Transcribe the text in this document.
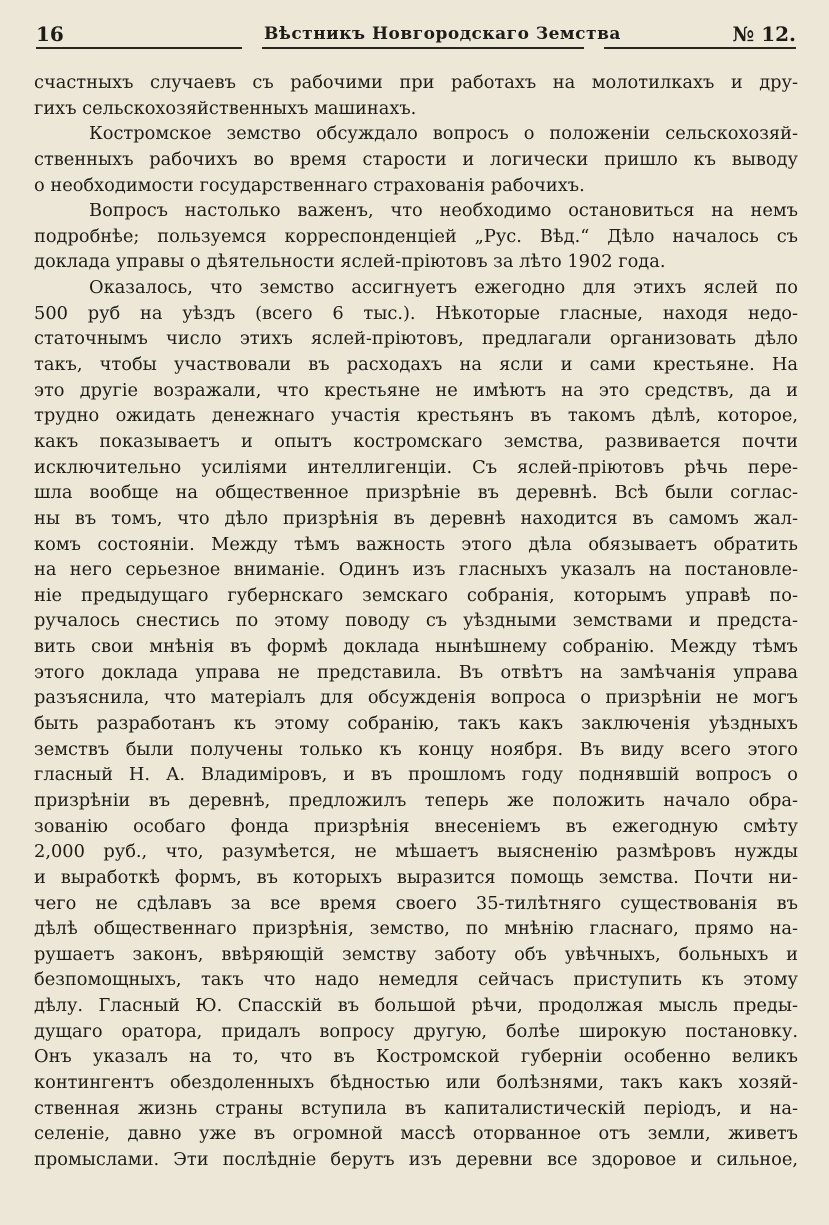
16	Вѣстникъ Новгородскаго Земства	№ 12.
счастныхъ случаевъ съ рабочими при работахъ на молотилкахъ и дру-
гихъ сельскохозяйственныхъ машинахъ.
Костромское земство обсуждало вопросъ о положенiи сельскохозяй-
ственныхъ рабочихъ во время старости и логически пришло къ выводу
о необходимости государственнаго страхованiя рабочихъ.
Вопросъ настолько важенъ, что необходимо остановиться на немъ
подробнѣе; пользуемся корреспонденцiей „Рус. Вѣд.“ Дѣло началось съ
доклада управы о дѣятельности яслей-прiютовъ за лѣто 1902 года.
Оказалось, что земство ассигнуетъ ежегодно для этихъ яслей по
500 руб на уѣздъ (всего 6 тыс.). Нѣкоторые гласные, находя недо-
статочнымъ число этихъ яслей-прiютовъ, предлагали организовать дѣло
такъ, чтобы участвовали въ расходахъ на ясли и сами крестьяне. На
это другiе возражали, что крестьяне не имѣютъ на это средствъ, да и
трудно ожидать денежнаго участiя крестьянъ въ такомъ дѣлѣ, которое,
какъ показываетъ и опытъ костромскаго земства, развивается почти
исключительно усилiями интеллигенцiи. Съ яслей-прiютовъ рѣчь пере-
шла вообще на общественное призрѣнiе въ деревнѣ. Всѣ были соглас-
ны въ томъ, что дѣло призрѣнiя въ деревнѣ находится въ самомъ жал-
комъ состоянiи. Между тѣмъ важность этого дѣла обязываетъ обратить
на него серьезное вниманiе. Одинъ изъ гласныхъ указалъ на постановле-
нiе предыдущаго губернскаго земскаго собранiя, которымъ управѣ по-
ручалось снестись по этому поводу съ уѣздными земствами и предста-
вить свои мнѣнiя въ формѣ доклада нынѣшнему собранiю. Между тѣмъ
этого доклада управа не представила. Въ отвѣтъ на замѣчанiя управа
разъяснила, что матерiалъ для обсужденiя вопроса о призрѣнiи не могъ
быть разработанъ къ этому собранiю, такъ какъ заключенiя уѣздныхъ
земствъ были получены только къ концу ноября. Въ виду всего этого
гласный Н. А. Владимiровъ, и въ прошломъ году поднявшiй вопросъ о
призрѣнiи въ деревнѣ, предложилъ теперь же положить начало обра-
зованiю особаго фонда призрѣнiя внесенiемъ въ ежегодную смѣту
2,000 руб., что, разумѣется, не мѣшаетъ выясненiю размѣровъ нужды
и выработкѣ формъ, въ которыхъ выразится помощь земства. Почти ни-
чего не сдѣлавъ за все время своего 35-тилѣтняго существованiя въ
дѣлѣ общественнаго призрѣнiя, земство, по мнѣнiю гласнаго, прямо на-
рушаетъ законъ, ввѣряющiй земству заботу объ увѣчныхъ, больныхъ и
безпомощныхъ, такъ что надо немедля сейчасъ приступить къ этому
дѣлу. Гласный Ю. Спасскiй въ большой рѣчи, продолжая мысль преды-
дущаго оратора, придалъ вопросу другую, болѣе широкую постановку.
Онъ указалъ на то, что въ Костромской губернiи особенно великъ
контингентъ обездоленныхъ бѣдностью или болѣзнями, такъ какъ хозяй-
ственная жизнь страны вступила въ капиталистическiй перiодъ, и на-
селенiе, давно уже въ огромной массѣ оторванное отъ земли, живетъ
промыслами. Эти послѣднiе берутъ изъ деревни все здоровое и сильное,
